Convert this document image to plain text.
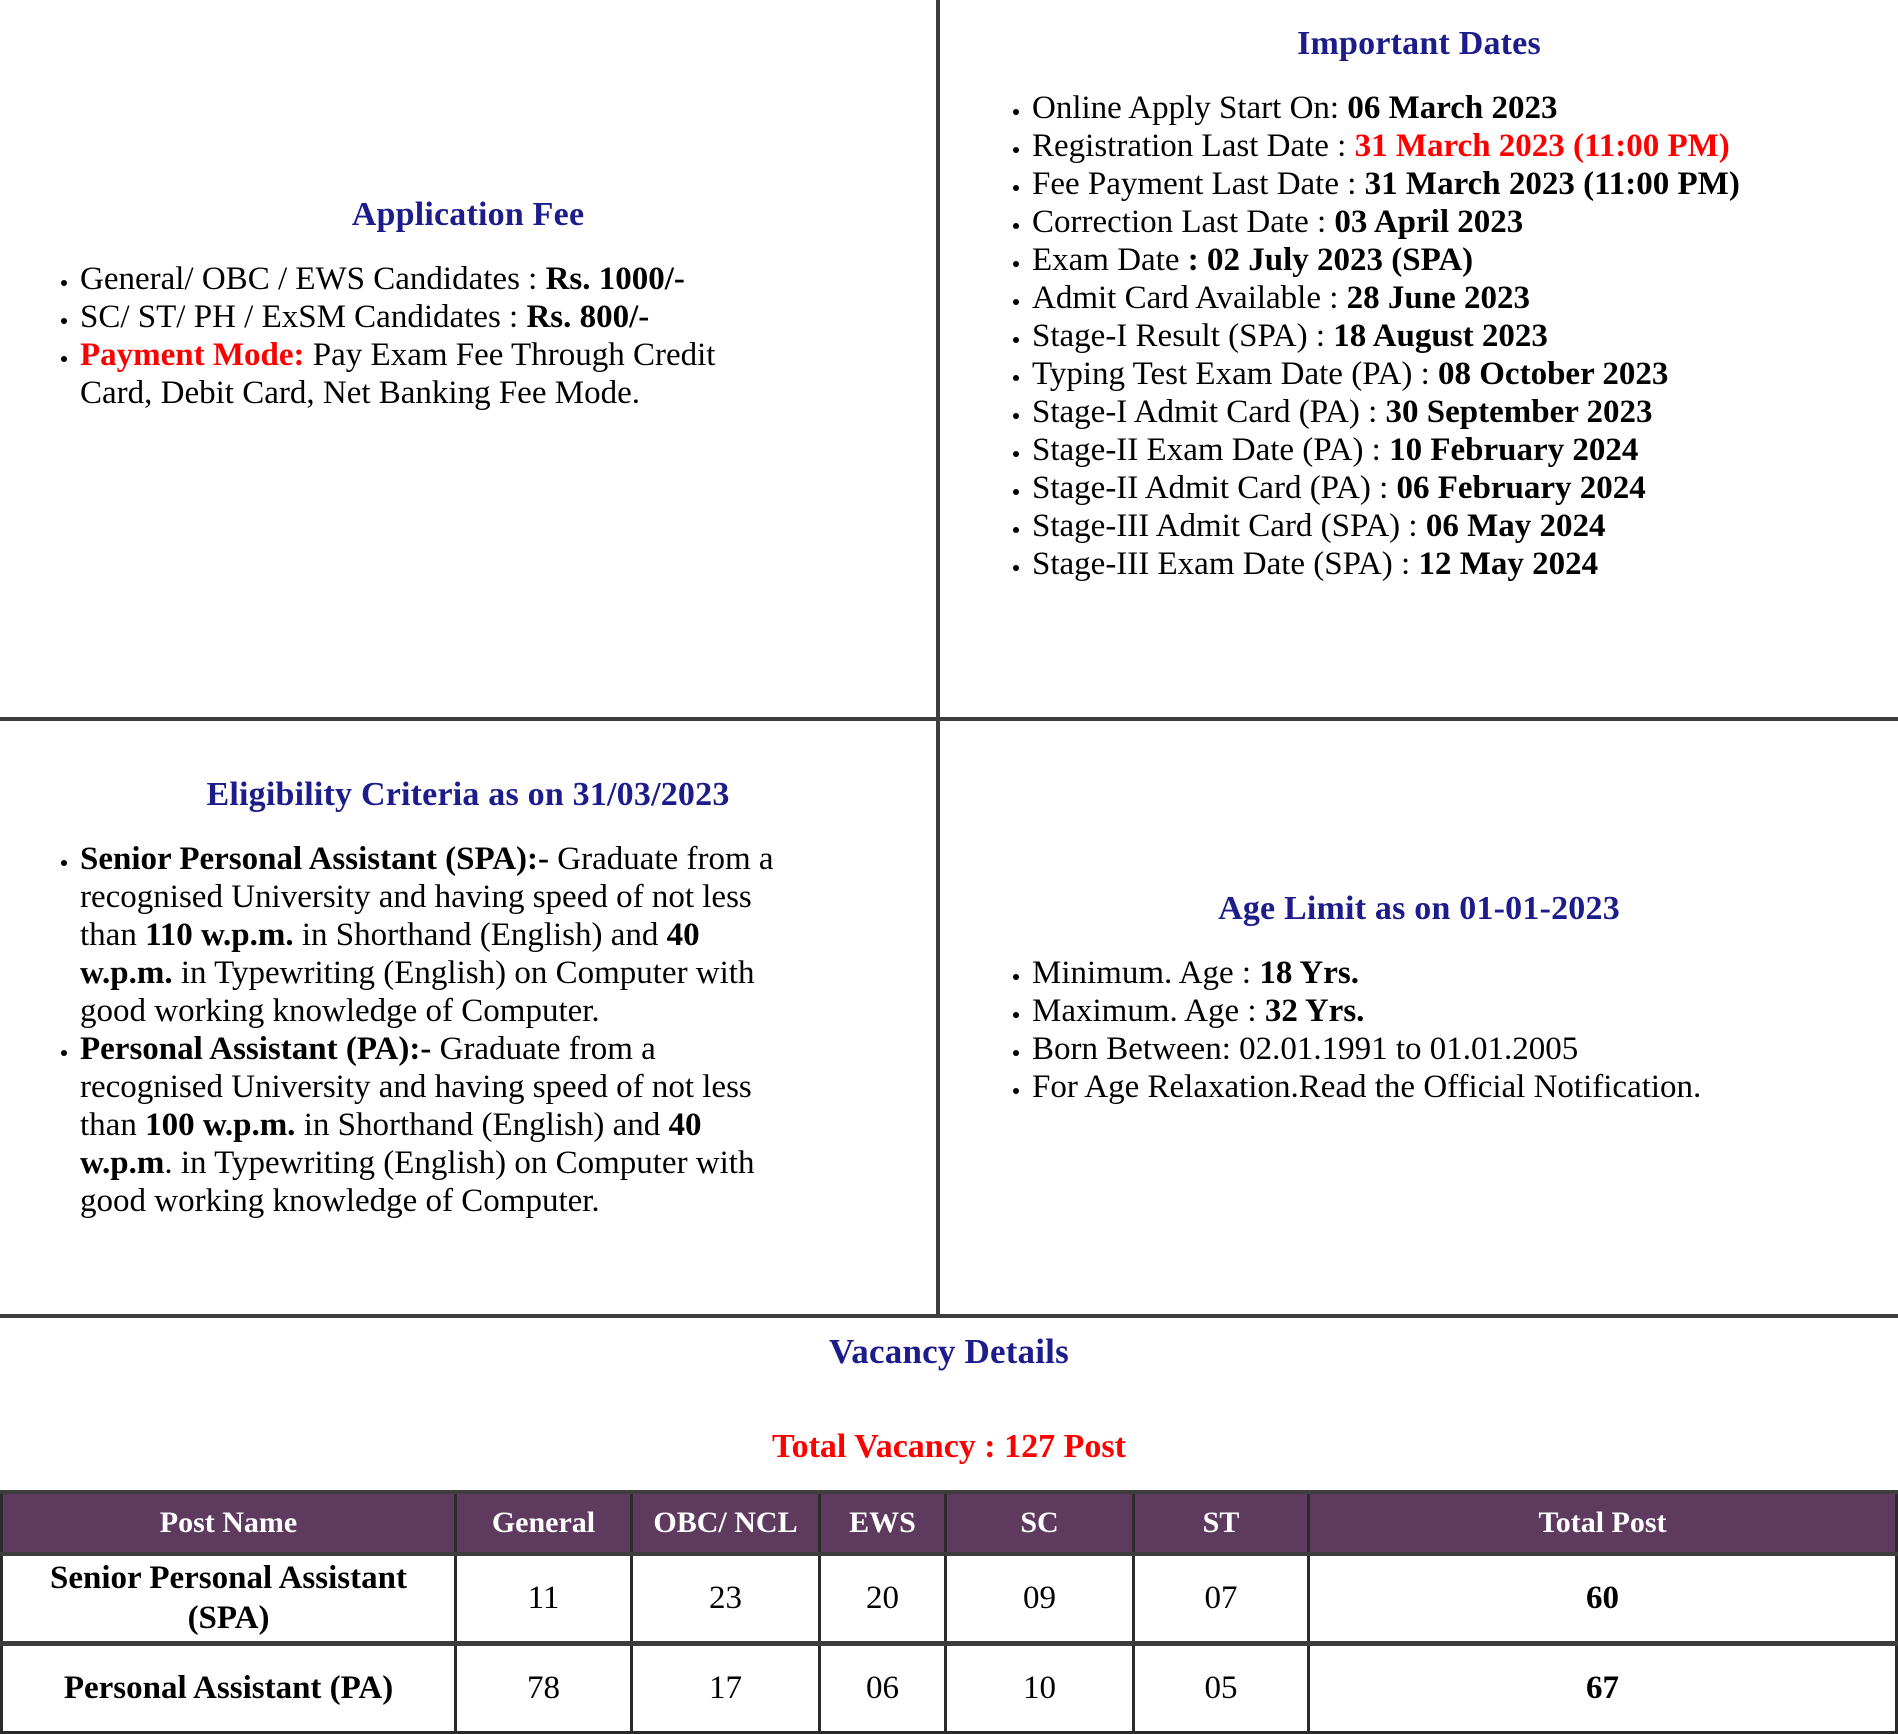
Application Fee
• General/ OBC / EWS Candidates : Rs. 1000/-
• SC/ ST/ PH / ExSM Candidates : Rs. 800/-
• Payment Mode: Pay Exam Fee Through Credit Card, Debit Card, Net Banking Fee Mode.
Important Dates
• Online Apply Start On: 06 March 2023
• Registration Last Date : 31 March 2023 (11:00 PM)
• Fee Payment Last Date : 31 March 2023 (11:00 PM)
• Correction Last Date : 03 April 2023
• Exam Date : 02 July 2023 (SPA)
• Admit Card Available : 28 June 2023
• Stage-I Result (SPA) : 18 August 2023
• Typing Test Exam Date (PA) : 08 October 2023
• Stage-I Admit Card (PA) : 30 September 2023
• Stage-II Exam Date (PA) : 10 February 2024
• Stage-II Admit Card (PA) : 06 February 2024
• Stage-III Admit Card (SPA) : 06 May 2024
• Stage-III Exam Date (SPA) : 12 May 2024
Eligibility Criteria as on 31/03/2023
• Senior Personal Assistant (SPA):- Graduate from a recognised University and having speed of not less than 110 w.p.m. in Shorthand (English) and 40 w.p.m. in Typewriting (English) on Computer with good working knowledge of Computer.
• Personal Assistant (PA):- Graduate from a recognised University and having speed of not less than 100 w.p.m. in Shorthand (English) and 40 w.p.m. in Typewriting (English) on Computer with good working knowledge of Computer.
Age Limit as on 01-01-2023
• Minimum. Age : 18 Yrs.
• Maximum. Age : 32 Yrs.
• Born Between: 02.01.1991 to 01.01.2005
• For Age Relaxation.Read the Official Notification.
Vacancy Details
Total Vacancy : 127 Post
Post Name	General	OBC/ NCL	EWS	SC	ST	Total Post
Senior Personal Assistant (SPA)	11	23	20	09	07	60
Personal Assistant (PA)	78	17	06	10	05	67
